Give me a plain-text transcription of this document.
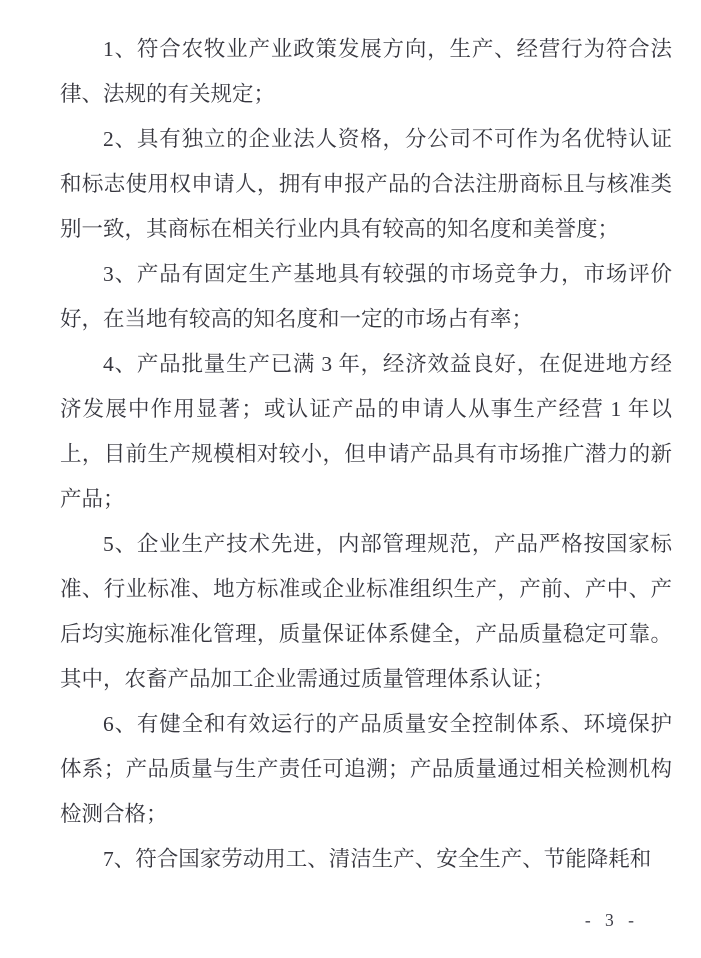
1、符合农牧业产业政策发展方向，生产、经营行为符合法律、法规的有关规定；

2、具有独立的企业法人资格，分公司不可作为名优特认证和标志使用权申请人，拥有申报产品的合法注册商标且与核准类别一致，其商标在相关行业内具有较高的知名度和美誉度；

3、产品有固定生产基地具有较强的市场竞争力，市场评价好，在当地有较高的知名度和一定的市场占有率；

4、产品批量生产已满 3 年，经济效益良好，在促进地方经济发展中作用显著；或认证产品的申请人从事生产经营 1 年以上，目前生产规模相对较小，但申请产品具有市场推广潜力的新产品；

5、企业生产技术先进，内部管理规范，产品严格按国家标准、行业标准、地方标准或企业标准组织生产，产前、产中、产后均实施标准化管理，质量保证体系健全，产品质量稳定可靠。其中，农畜产品加工企业需通过质量管理体系认证；

6、有健全和有效运行的产品质量安全控制体系、环境保护体系；产品质量与生产责任可追溯；产品质量通过相关检测机构检测合格；

7、符合国家劳动用工、清洁生产、安全生产、节能降耗和

- 3 -
